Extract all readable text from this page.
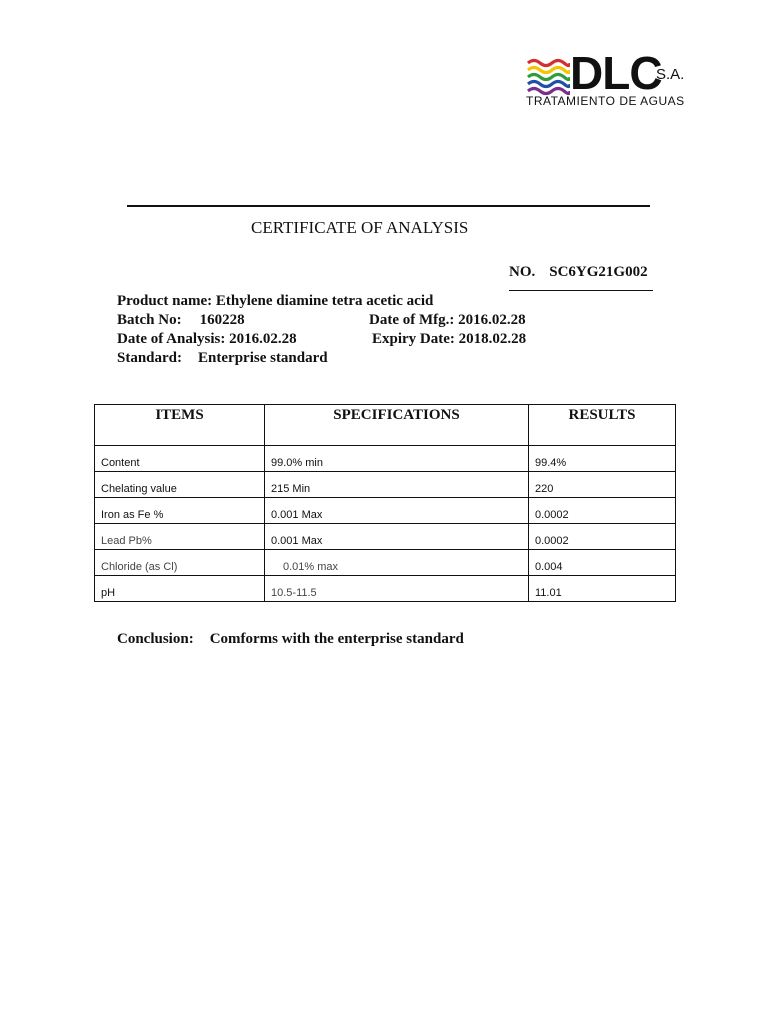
DLC
S.A.
TRATAMIENTO DE AGUAS
CERTIFICATE OF ANALYSIS
NO. SC6YG21G002
Product name: Ethylene diamine tetra acetic acid
Batch No: 160228	Date of Mfg.: 2016.02.28
Date of Analysis: 2016.02.28	Expiry Date: 2018.02.28
Standard: Enterprise standard
ITEMS	SPECIFICATIONS	RESULTS
Content	99.0% min	99.4%
Chelating value	215 Min	220
Iron as Fe %	0.001 Max	0.0002
Lead Pb%	0.001 Max	0.0002
Chloride (as Cl)	0.01% max	0.004
pH	10.5-11.5	11.01
Conclusion: Comforms with the enterprise standard
